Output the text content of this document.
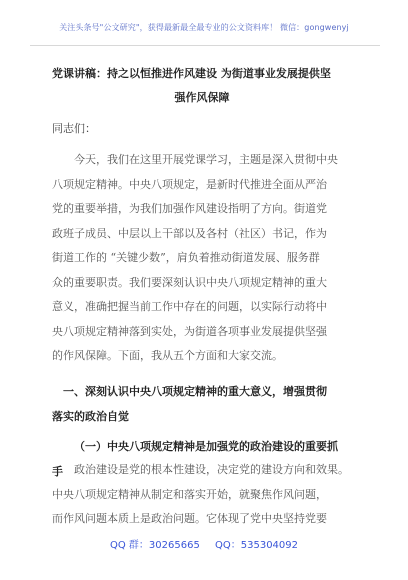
关注头条号"公文研究"，获得最新最全最专业的公文资料库！ 微信：gongwenyj
党课讲稿：持之以恒推进作风建设 为街道事业发展提供坚
强作风保障
同志们：

今天，我们在这里开展党课学习，主题是深入贯彻中央
八项规定精神。中央八项规定，是新时代推进全面从严治
党的重要举措，为我们加强作风建设指明了方向。街道党
政班子成员、中层以上干部以及各村（社区）书记，作为
街道工作的 “关键少数”，肩负着推动街道发展、服务群
众的重要职责。我们要深刻认识中央八项规定精神的重大
意义，准确把握当前工作中存在的问题，以实际行动将中
央八项规定精神落到实处，为街道各项事业发展提供坚强
的作风保障。下面，我从五个方面和大家交流。

一、深刻认识中央八项规定精神的重大意义，增强贯彻
落实的政治自觉
（一）中央八项规定精神是加强党的政治建设的重要抓
手	政治建设是党的根本性建设，决定党的建设方向和效果。
中央八项规定精神从制定和落实开始，就聚焦作风问题，
而作风问题本质上是政治问题。它体现了党中央坚持党要

QQ 群：30265665 QQ：535304092
